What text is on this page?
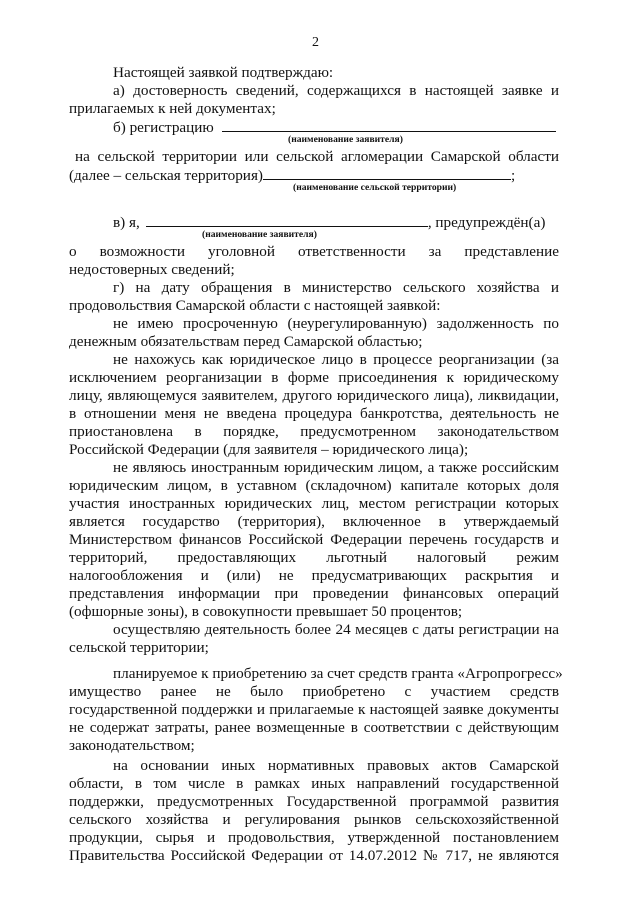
2
Настоящей заявкой подтверждаю:
а) достоверность сведений, содержащихся в настоящей заявке и
прилагаемых к ней документах;
б) регистрацию
(наименование заявителя)
на сельской территории или сельской агломерации Самарской области
(далее – сельская территория)	;
(наименование сельской территории)
в) я,	, предупреждён(а)
(наименование заявителя)
о возможности уголовной ответственности за представление
недостоверных сведений;
г) на дату обращения в министерство сельского хозяйства и
продовольствия Самарской области с настоящей заявкой:
не имею просроченную (неурегулированную) задолженность по
денежным обязательствам перед Самарской областью;
не нахожусь как юридическое лицо в процессе реорганизации (за
исключением реорганизации в форме присоединения к юридическому
лицу, являющемуся заявителем, другого юридического лица), ликвидации,
в отношении меня не введена процедура банкротства, деятельность не
приостановлена в порядке, предусмотренном законодательством
Российской Федерации (для заявителя – юридического лица);
не являюсь иностранным юридическим лицом, а также российским
юридическим лицом, в уставном (складочном) капитале которых доля
участия иностранных юридических лиц, местом регистрации которых
является государство (территория), включенное в утверждаемый
Министерством финансов Российской Федерации перечень государств и
территорий, предоставляющих льготный налоговый режим
налогообложения и (или) не предусматривающих раскрытия и
представления информации при проведении финансовых операций
(офшорные зоны), в совокупности превышает 50 процентов;
осуществляю деятельность более 24 месяцев с даты регистрации на
сельской территории;
планируемое к приобретению за счет средств гранта «Агропрогресс»
имущество ранее не было приобретено с участием средств
государственной поддержки и прилагаемые к настоящей заявке документы
не содержат затраты, ранее возмещенные в соответствии с действующим
законодательством;
на основании иных нормативных правовых актов Самарской
области, в том числе в рамках иных направлений государственной
поддержки, предусмотренных Государственной программой развития
сельского хозяйства и регулирования рынков сельскохозяйственной
продукции, сырья и продовольствия, утвержденной постановлением
Правительства Российской Федерации от 14.07.2012 № 717, не являются
